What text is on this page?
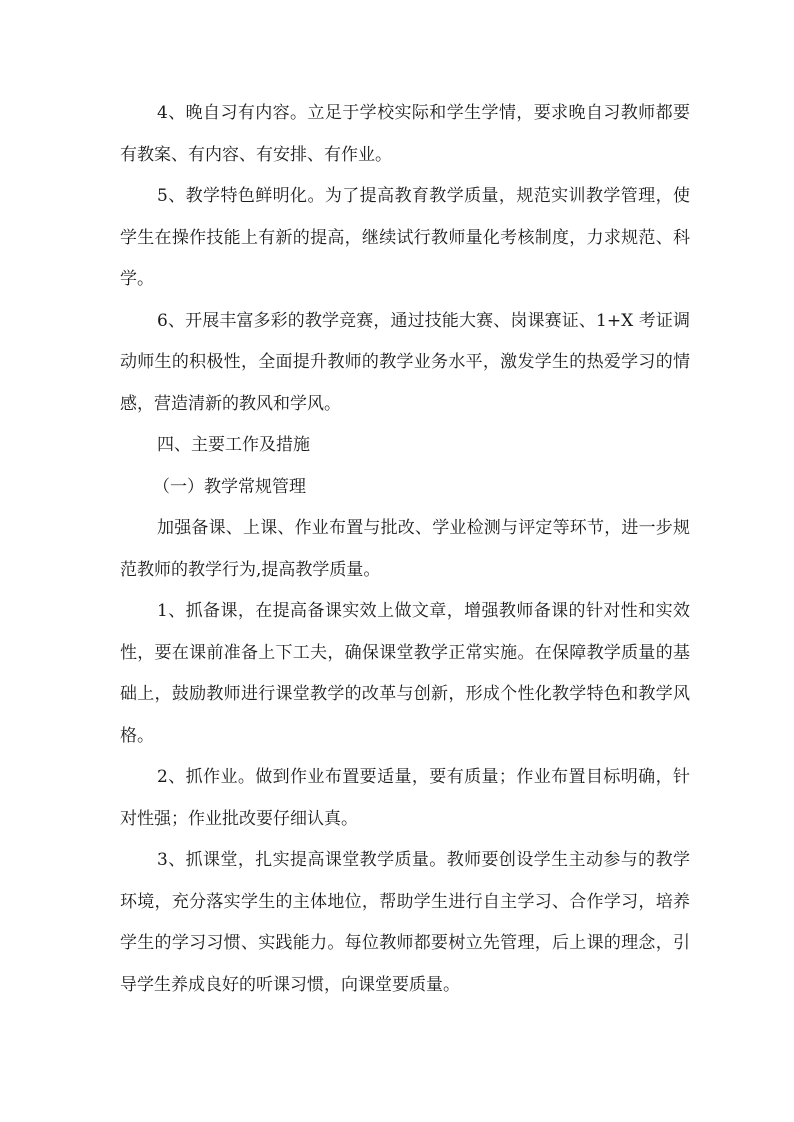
4、晚自习有内容。立足于学校实际和学生学情，要求晚自习教师都要有教案、有内容、有安排、有作业。

5、教学特色鲜明化。为了提高教育教学质量，规范实训教学管理，使学生在操作技能上有新的提高，继续试行教师量化考核制度，力求规范、科学。

6、开展丰富多彩的教学竞赛，通过技能大赛、岗课赛证、1+X 考证调动师生的积极性，全面提升教师的教学业务水平，激发学生的热爱学习的情感，营造清新的教风和学风。

四、主要工作及措施

（一）教学常规管理

加强备课、上课、作业布置与批改、学业检测与评定等环节，进一步规范教师的教学行为,提高教学质量。

1、抓备课，在提高备课实效上做文章，增强教师备课的针对性和实效性，要在课前准备上下工夫，确保课堂教学正常实施。在保障教学质量的基础上，鼓励教师进行课堂教学的改革与创新，形成个性化教学特色和教学风格。

2、抓作业。做到作业布置要适量，要有质量；作业布置目标明确，针对性强；作业批改要仔细认真。

3、抓课堂，扎实提高课堂教学质量。教师要创设学生主动参与的教学环境，充分落实学生的主体地位，帮助学生进行自主学习、合作学习，培养学生的学习习惯、实践能力。每位教师都要树立先管理，后上课的理念，引导学生养成良好的听课习惯，向课堂要质量。
